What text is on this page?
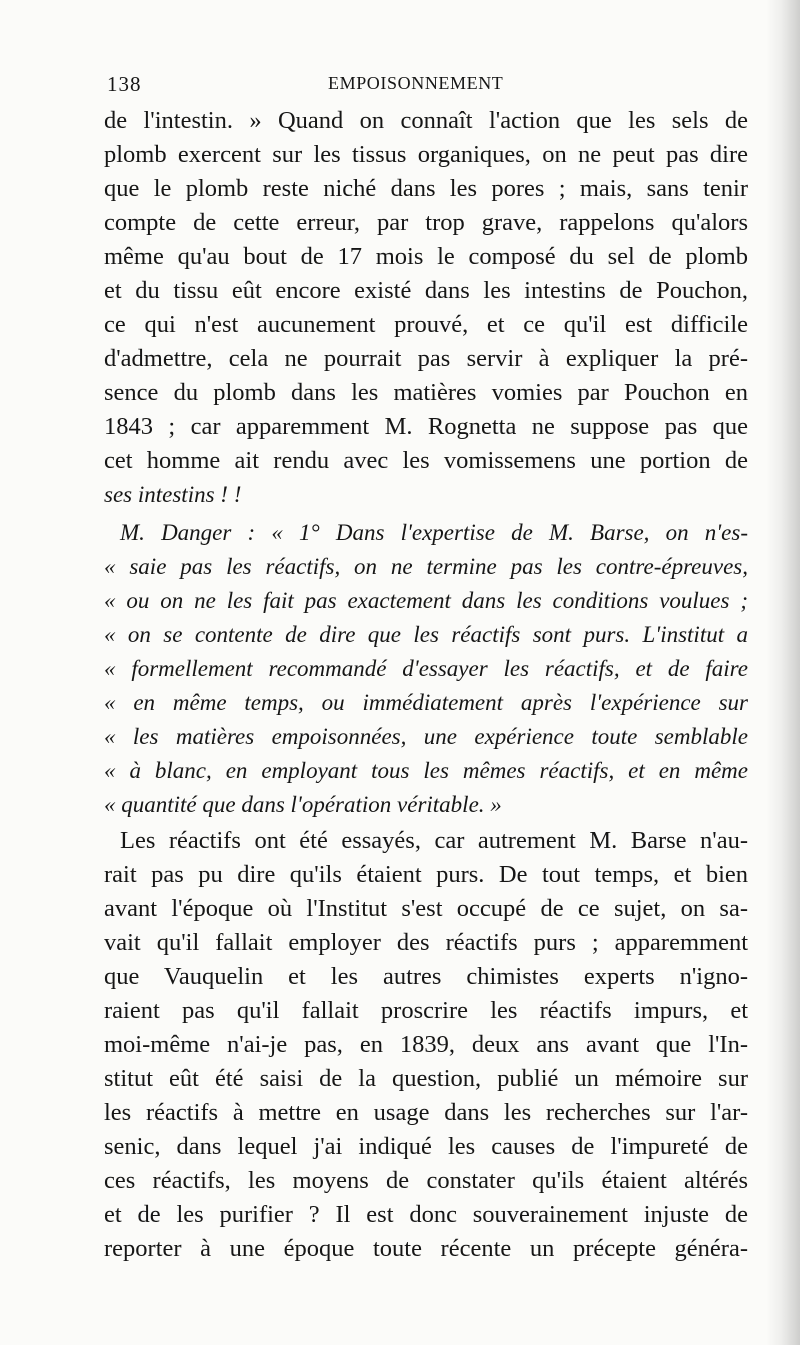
138	EMPOISONNEMENT
de l'intestin. » Quand on connaît l'action que les sels de
plomb exercent sur les tissus organiques, on ne peut pas dire
que le plomb reste niché dans les pores ; mais, sans tenir
compte de cette erreur, par trop grave, rappelons qu'alors
même qu'au bout de 17 mois le composé du sel de plomb
et du tissu eût encore existé dans les intestins de Pouchon,
ce qui n'est aucunement prouvé, et ce qu'il est difficile
d'admettre, cela ne pourrait pas servir à expliquer la pré-
sence du plomb dans les matières vomies par Pouchon en
1843 ; car apparemment M. Rognetta ne suppose pas que
cet homme ait rendu avec les vomissemens une portion de
ses intestins ! !
M. Danger : « 1° Dans l'expertise de M. Barse, on n'es-
« saie pas les réactifs, on ne termine pas les contre-épreuves,
« ou on ne les fait pas exactement dans les conditions voulues ;
« on se contente de dire que les réactifs sont purs. L'institut a
« formellement recommandé d'essayer les réactifs, et de faire
« en même temps, ou immédiatement après l'expérience sur
« les matières empoisonnées, une expérience toute semblable
« à blanc, en employant tous les mêmes réactifs, et en même
« quantité que dans l'opération véritable. »
Les réactifs ont été essayés, car autrement M. Barse n'au-
rait pas pu dire qu'ils étaient purs. De tout temps, et bien
avant l'époque où l'Institut s'est occupé de ce sujet, on sa-
vait qu'il fallait employer des réactifs purs ; apparemment
que Vauquelin et les autres chimistes experts n'igno-
raient pas qu'il fallait proscrire les réactifs impurs, et
moi-même n'ai-je pas, en 1839, deux ans avant que l'In-
stitut eût été saisi de la question, publié un mémoire sur
les réactifs à mettre en usage dans les recherches sur l'ar-
senic, dans lequel j'ai indiqué les causes de l'impureté de
ces réactifs, les moyens de constater qu'ils étaient altérés
et de les purifier ? Il est donc souverainement injuste de
reporter à une époque toute récente un précepte généra-
